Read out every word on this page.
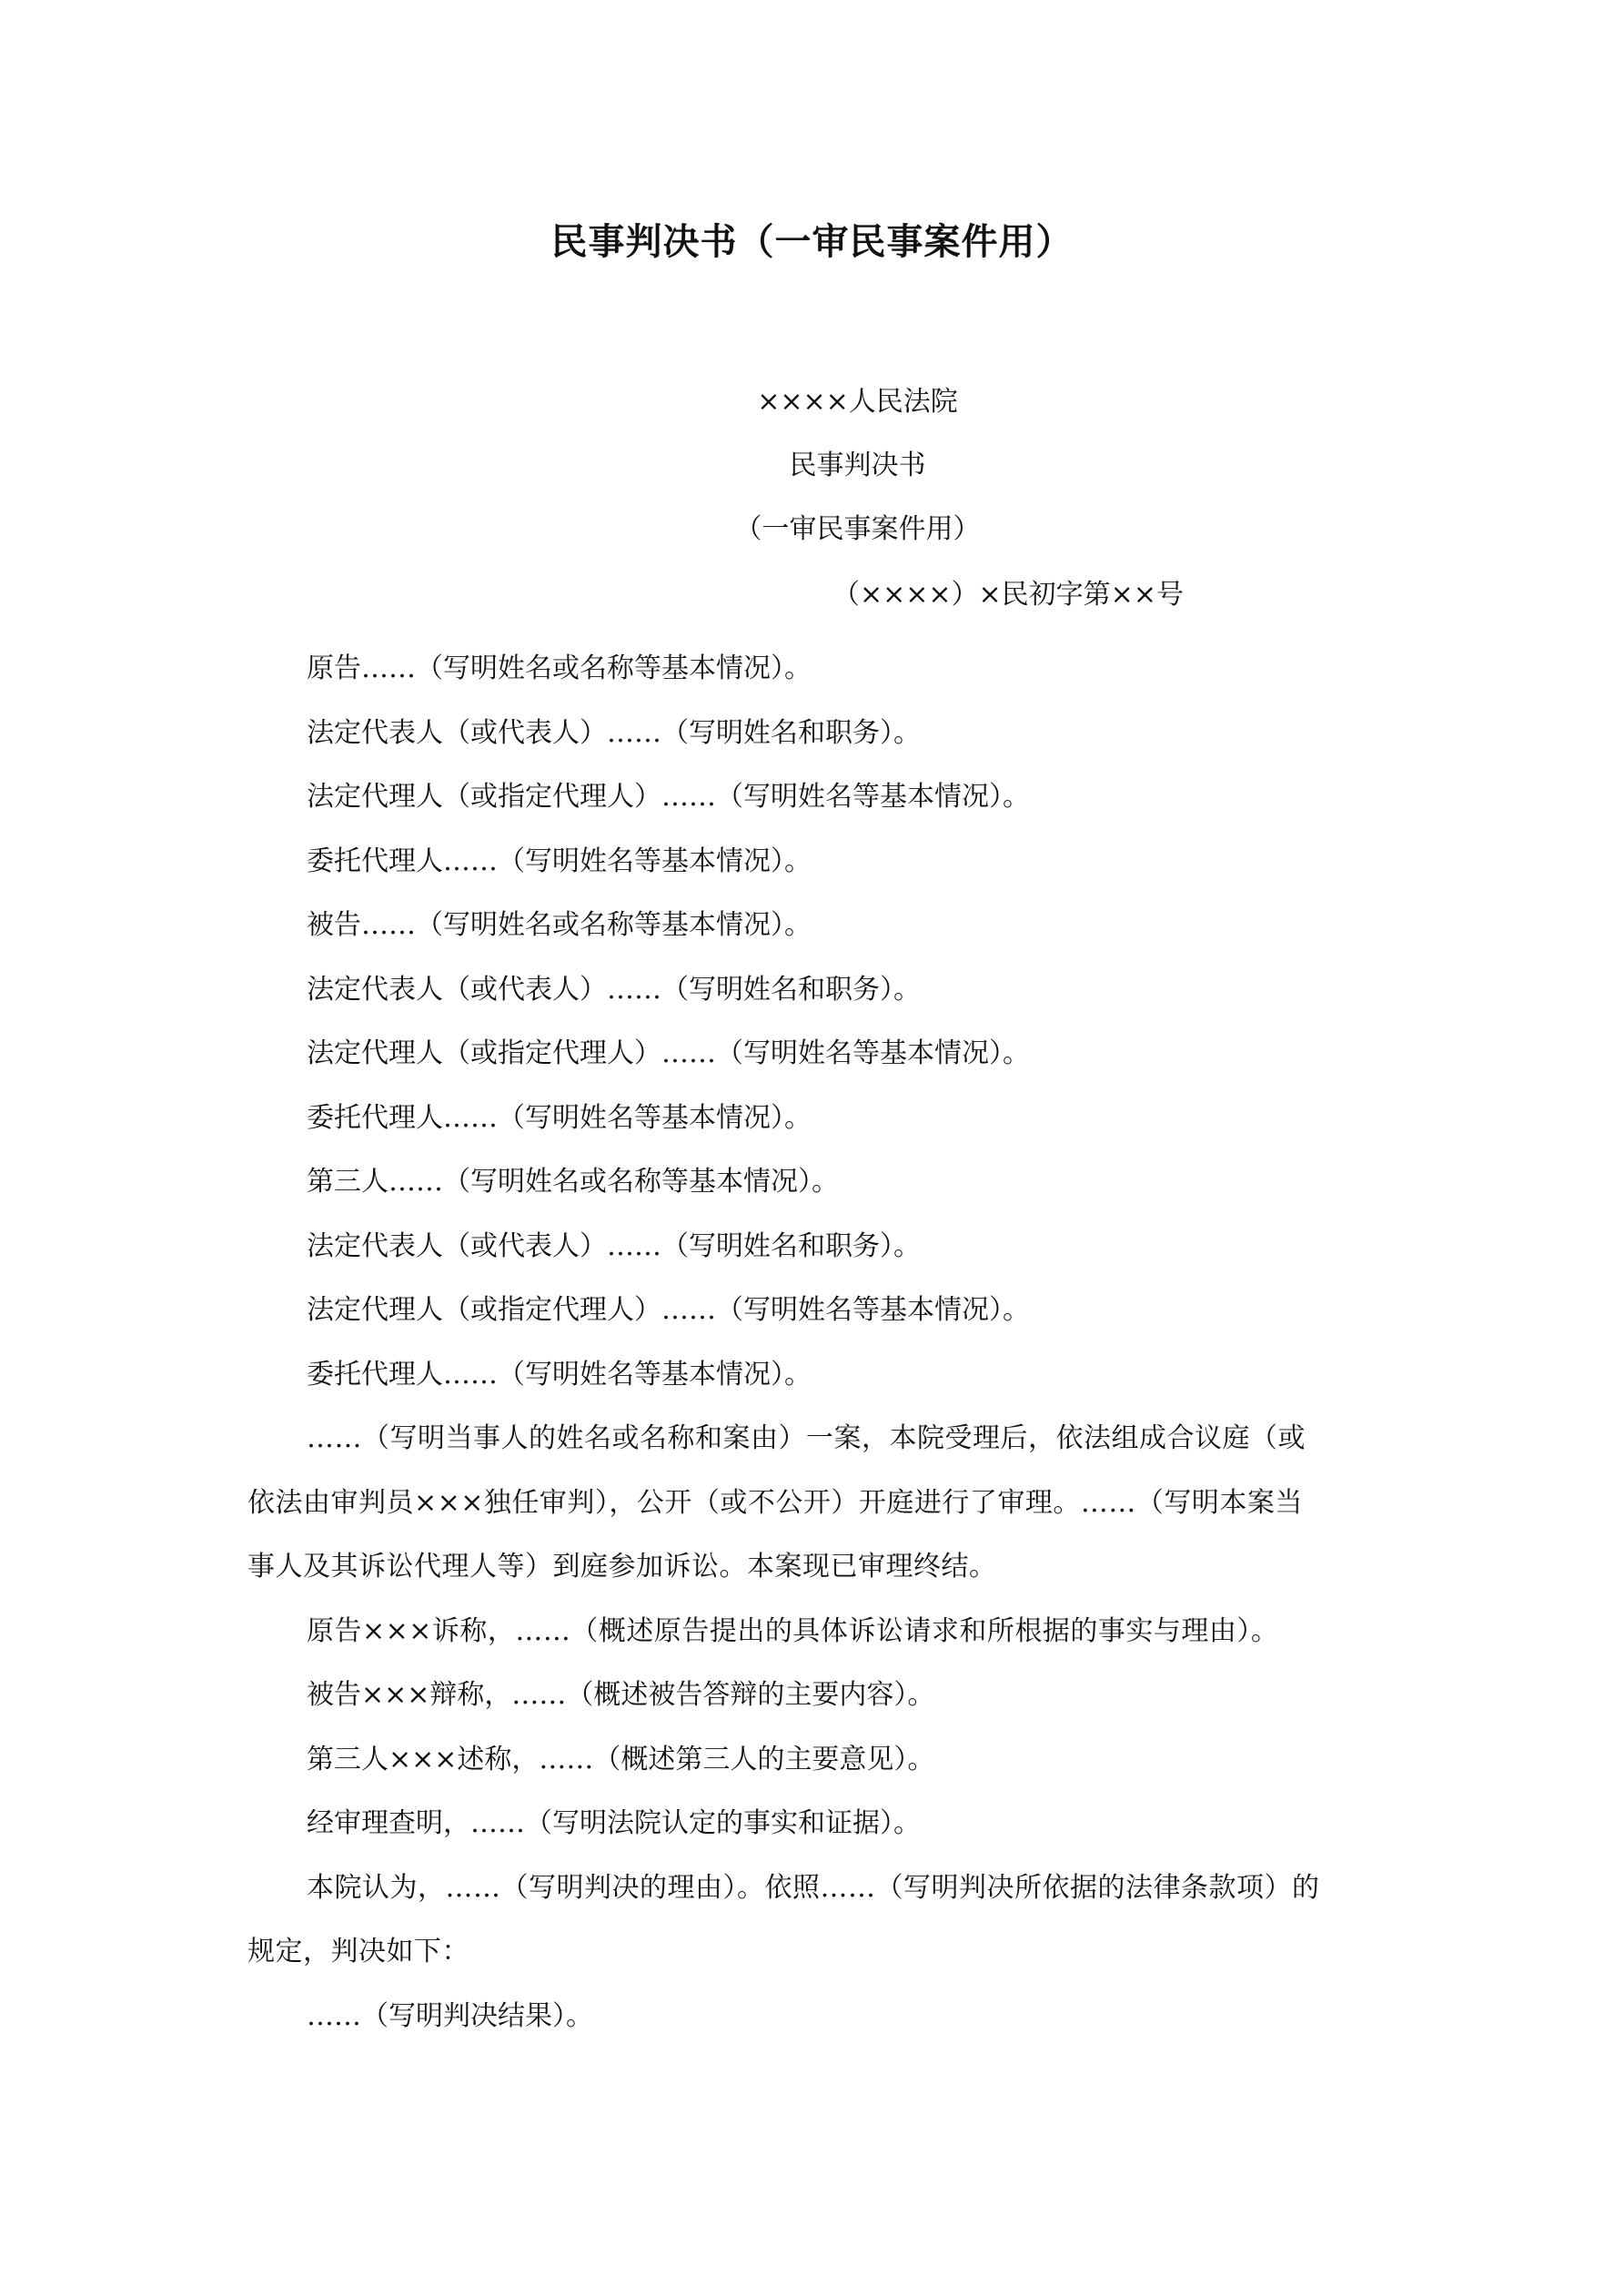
民事判决书（一审民事案件用）
××××人民法院
民事判决书
（一审民事案件用）
（××××）×民初字第××号

原告……（写明姓名或名称等基本情况）。

法定代表人（或代表人）……（写明姓名和职务）。

法定代理人（或指定代理人）……（写明姓名等基本情况）。

委托代理人……（写明姓名等基本情况）。

被告……（写明姓名或名称等基本情况）。

法定代表人（或代表人）……（写明姓名和职务）。

法定代理人（或指定代理人）……（写明姓名等基本情况）。

委托代理人……（写明姓名等基本情况）。

第三人……（写明姓名或名称等基本情况）。

法定代表人（或代表人）……（写明姓名和职务）。

法定代理人（或指定代理人）……（写明姓名等基本情况）。

委托代理人……（写明姓名等基本情况）。

……（写明当事人的姓名或名称和案由）一案，本院受理后，依法组成合议庭（或依法由审判员×××独任审判），公开（或不公开）开庭进行了审理。……（写明本案当事人及其诉讼代理人等）到庭参加诉讼。本案现已审理终结。

原告×××诉称，……（概述原告提出的具体诉讼请求和所根据的事实与理由）。

被告×××辩称，……（概述被告答辩的主要内容）。

第三人×××述称，……（概述第三人的主要意见）。

经审理查明，……（写明法院认定的事实和证据）。

本院认为，……（写明判决的理由）。依照……（写明判决所依据的法律条款项）的规定，判决如下：

……（写明判决结果）。
